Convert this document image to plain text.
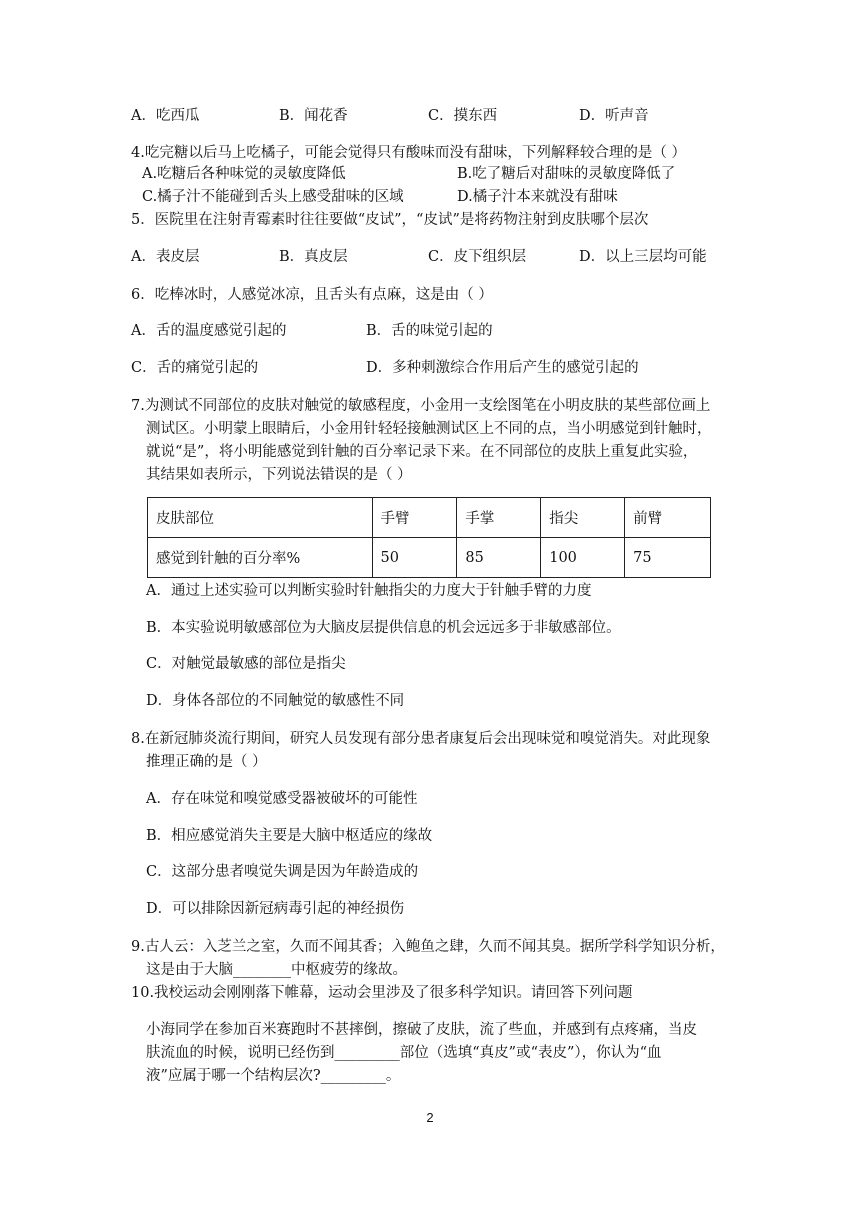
A．吃西瓜	B．闻花香	C．摸东西	D．听声音
4.吃完糖以后马上吃橘子，可能会觉得只有酸味而没有甜味，下列解释较合理的是（ ）
A.吃糖后各种味觉的灵敏度降低	B.吃了糖后对甜味的灵敏度降低了
C.橘子汁不能碰到舌头上感受甜味的区域	D.橘子汁本来就没有甜味
5．医院里在注射青霉素时往往要做“皮试”，“皮试”是将药物注射到皮肤哪个层次
A．表皮层	B．真皮层	C．皮下组织层	D．以上三层均可能
6．吃棒冰时，人感觉冰凉，且舌头有点麻，这是由（ ）
A．舌的温度感觉引起的	B．舌的味觉引起的
C．舌的痛觉引起的	D．多种刺激综合作用后产生的感觉引起的
7.为测试不同部位的皮肤对触觉的敏感程度，小金用一支绘图笔在小明皮肤的某些部位画上
测试区。小明蒙上眼睛后，小金用针轻轻接触测试区上不同的点，当小明感觉到针触时，
就说“是”，将小明能感觉到针触的百分率记录下来。在不同部位的皮肤上重复此实验，
其结果如表所示，下列说法错误的是（ ）
皮肤部位	手臂	手掌	指尖	前臂
感觉到针触的百分率%	50	85	100	75
A．通过上述实验可以判断实验时针触指尖的力度大于针触手臂的力度
B．本实验说明敏感部位为大脑皮层提供信息的机会远远多于非敏感部位。
C．对触觉最敏感的部位是指尖
D．身体各部位的不同触觉的敏感性不同
8.在新冠肺炎流行期间，研究人员发现有部分患者康复后会出现味觉和嗅觉消失。对此现象
推理正确的是（ ）
A．存在味觉和嗅觉感受器被破坏的可能性
B．相应感觉消失主要是大脑中枢适应的缘故
C．这部分患者嗅觉失调是因为年龄造成的
D．可以排除因新冠病毒引起的神经损伤
9.古人云：入芝兰之室，久而不闻其香；入鲍鱼之肆，久而不闻其臭。据所学科学知识分析，
这是由于大脑________中枢疲劳的缘故。
10.我校运动会刚刚落下帷幕，运动会里涉及了很多科学知识。请回答下列问题
小海同学在参加百米赛跑时不甚摔倒，擦破了皮肤，流了些血，并感到有点疼痛，当皮
肤流血的时候，说明已经伤到_________部位（选填“真皮”或“表皮”），你认为“血
液”应属于哪一个结构层次?_________。
2
